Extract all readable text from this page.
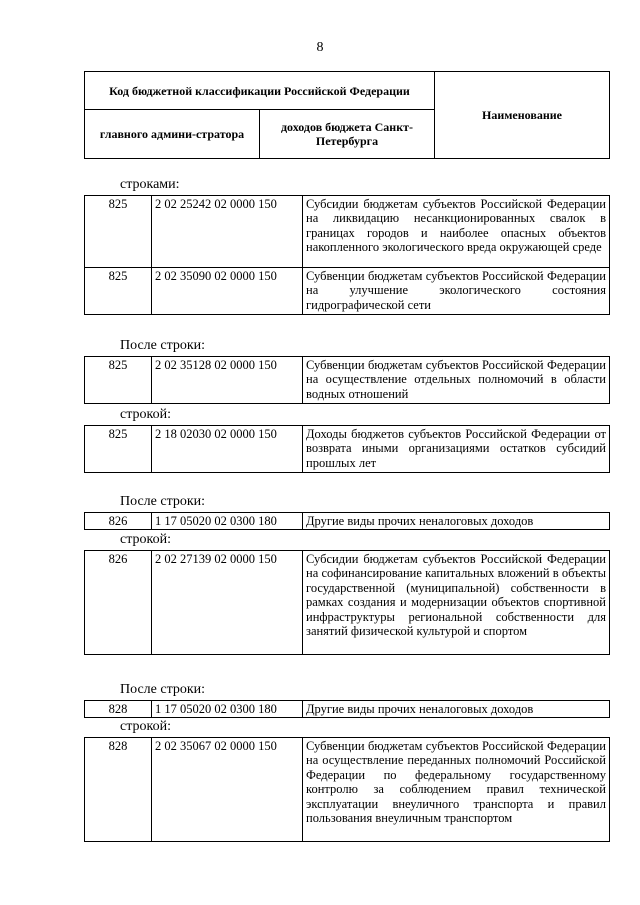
8
Код бюджетной классификации Российской Федерации		Наименование
главного админи-стратора	доходов бюджета Санкт-Петербурга	
строками:
825	2 02 25242 02 0000 150	Субсидии бюджетам субъектов Российской Федерации на ликвидацию несанкционированных свалок в границах городов и наиболее опасных объектов накопленного экологического вреда окружающей среде
825	2 02 35090 02 0000 150	Субвенции бюджетам субъектов Российской Федерации на улучшение экологического состояния гидрографической сети
После строки:
825	2 02 35128 02 0000 150	Субвенции бюджетам субъектов Российской Федерации на осуществление отдельных полномочий в области водных отношений
строкой:
825	2 18 02030 02 0000 150	Доходы бюджетов субъектов Российской Федерации от возврата иными организациями остатков субсидий прошлых лет
После строки:
826	1 17 05020 02 0300 180	Другие виды прочих неналоговых доходов
строкой:
826	2 02 27139 02 0000 150	Субсидии бюджетам субъектов Российской Федерации на софинансирование капитальных вложений в объекты государственной (муниципальной) собственности в рамках создания и модернизации объектов спортивной инфраструктуры региональной собственности для занятий физической культурой и спортом
После строки:
828	1 17 05020 02 0300 180	Другие виды прочих неналоговых доходов
строкой:
828	2 02 35067 02 0000 150	Субвенции бюджетам субъектов Российской Федерации на осуществление переданных полномочий Российской Федерации по федеральному государственному контролю за соблюдением правил технической эксплуатации внеуличного транспорта и правил пользования внеуличным транспортом
